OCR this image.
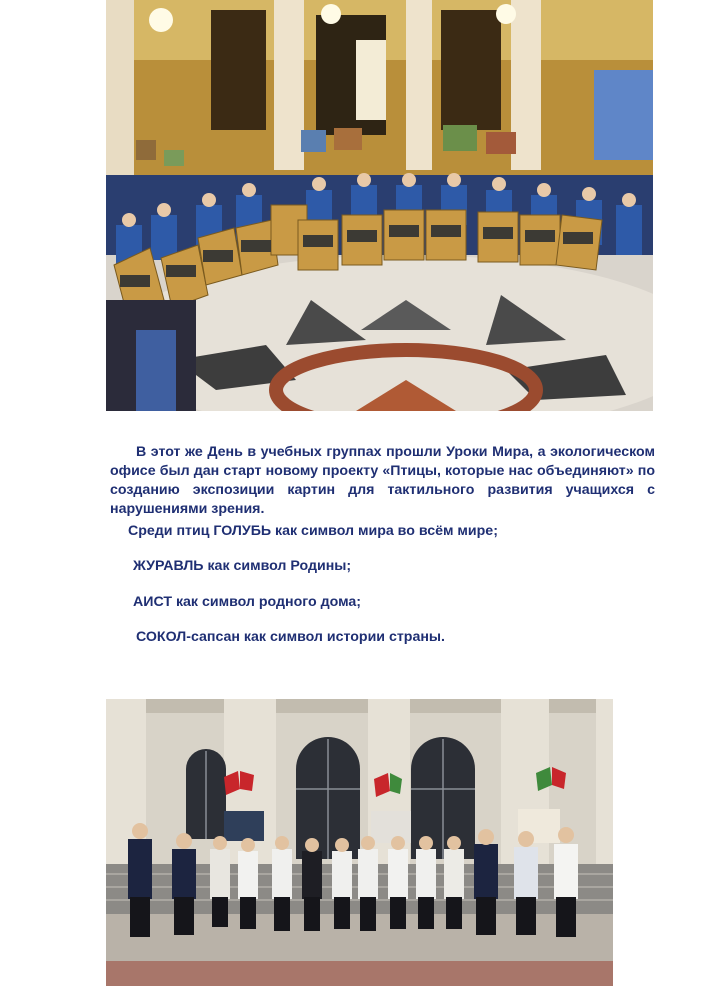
В этот же День в учебных группах прошли Уроки Мира, а экологическом офисе был дан старт новому проекту «Птицы, которые нас объединяют» по созданию экспозиции картин для тактильного развития учащихся с нарушениями зрения.

Среди птиц ГОЛУБЬ как символ мира во всём мире;
ЖУРАВЛЬ как символ Родины;
АИСТ как символ родного дома;
СОКОЛ-сапсан как символ истории страны.
